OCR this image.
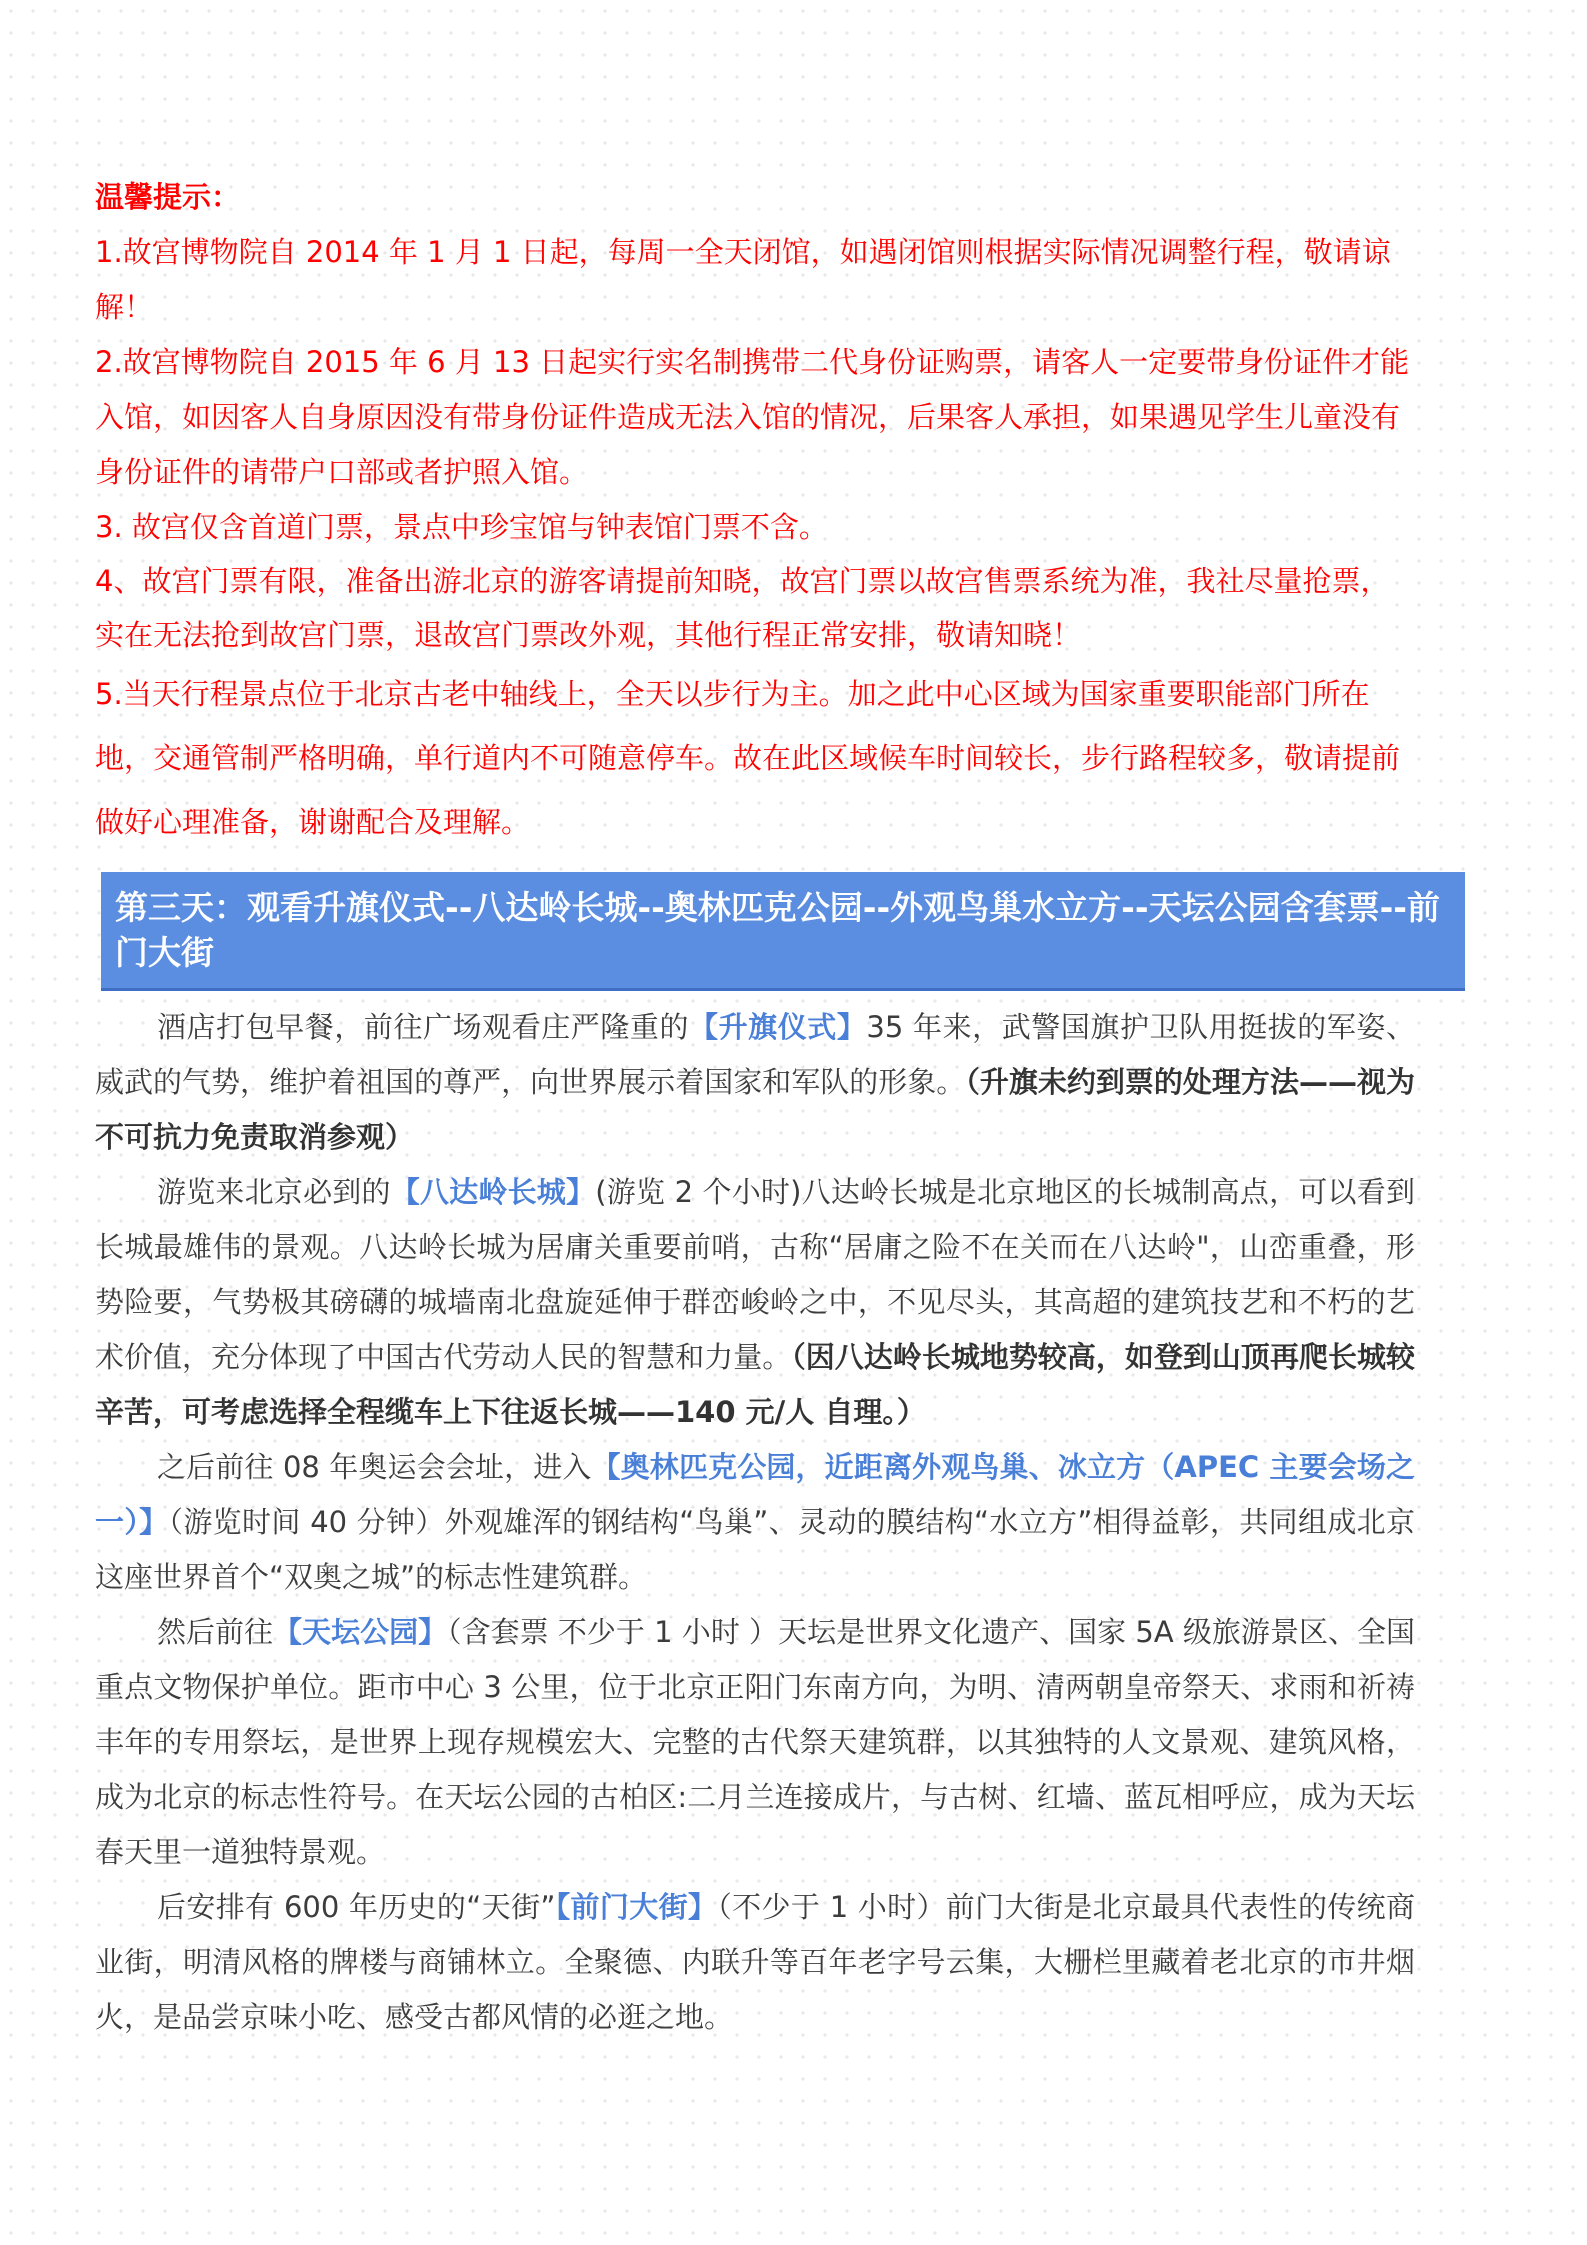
温馨提示：

1.故宫博物院自 2014 年 1 月 1 日起，每周一全天闭馆，如遇闭馆则根据实际情况调整行程，敬请谅解！

2.故宫博物院自 2015 年 6 月 13 日起实行实名制携带二代身份证购票，请客人一定要带身份证件才能入馆，如因客人自身原因没有带身份证件造成无法入馆的情况，后果客人承担，如果遇见学生儿童没有身份证件的请带户口部或者护照入馆。

3. 故宫仅含首道门票，景点中珍宝馆与钟表馆门票不含。

4、故宫门票有限，准备出游北京的游客请提前知晓，故宫门票以故宫售票系统为准，我社尽量抢票，实在无法抢到故宫门票，退故宫门票改外观，其他行程正常安排，敬请知晓！

5.当天行程景点位于北京古老中轴线上，全天以步行为主。加之此中心区域为国家重要职能部门所在地，交通管制严格明确，单行道内不可随意停车。故在此区域候车时间较长，步行路程较多，敬请提前做好心理准备，谢谢配合及理解。

第三天：观看升旗仪式--八达岭长城--奥林匹克公园--外观鸟巢水立方--天坛公园含套票--前门大街

酒店打包早餐，前往广场观看庄严隆重的【升旗仪式】35 年来，武警国旗护卫队用挺拔的军姿、威武的气势，维护着祖国的尊严，向世界展示着国家和军队的形象。（升旗未约到票的处理方法——视为不可抗力免责取消参观）

游览来北京必到的【八达岭长城】(游览 2 个小时)八达岭长城是北京地区的长城制高点，可以看到长城最雄伟的景观。八达岭长城为居庸关重要前哨，古称“居庸之险不在关而在八达岭"，山峦重叠，形势险要，气势极其磅礴的城墙南北盘旋延伸于群峦峻岭之中，不见尽头，其高超的建筑技艺和不朽的艺术价值，充分体现了中国古代劳动人民的智慧和力量。（因八达岭长城地势较高，如登到山顶再爬长城较辛苦，可考虑选择全程缆车上下往返长城——140 元/人 自理。）

之后前往 08 年奥运会会址，进入【奥林匹克公园，近距离外观鸟巢、冰立方（APEC 主要会场之一）】（游览时间 40 分钟）外观雄浑的钢结构“鸟巢”、灵动的膜结构“水立方”相得益彰，共同组成北京这座世界首个“双奥之城”的标志性建筑群。

然后前往【天坛公园】（含套票 不少于 1 小时 ）天坛是世界文化遗产、国家 5A 级旅游景区、全国重点文物保护单位。距市中心 3 公里，位于北京正阳门东南方向，为明、清两朝皇帝祭天、求雨和祈祷丰年的专用祭坛，是世界上现存规模宏大、完整的古代祭天建筑群，以其独特的人文景观、建筑风格，成为北京的标志性符号。在天坛公园的古柏区:二月兰连接成片，与古树、红墙、蓝瓦相呼应，成为天坛春天里一道独特景观。

后安排有 600 年历史的“天街”【前门大街】（不少于 1 小时）前门大街是北京最具代表性的传统商业街，明清风格的牌楼与商铺林立。全聚德、内联升等百年老字号云集，大栅栏里藏着老北京的市井烟火，是品尝京味小吃、感受古都风情的必逛之地。
